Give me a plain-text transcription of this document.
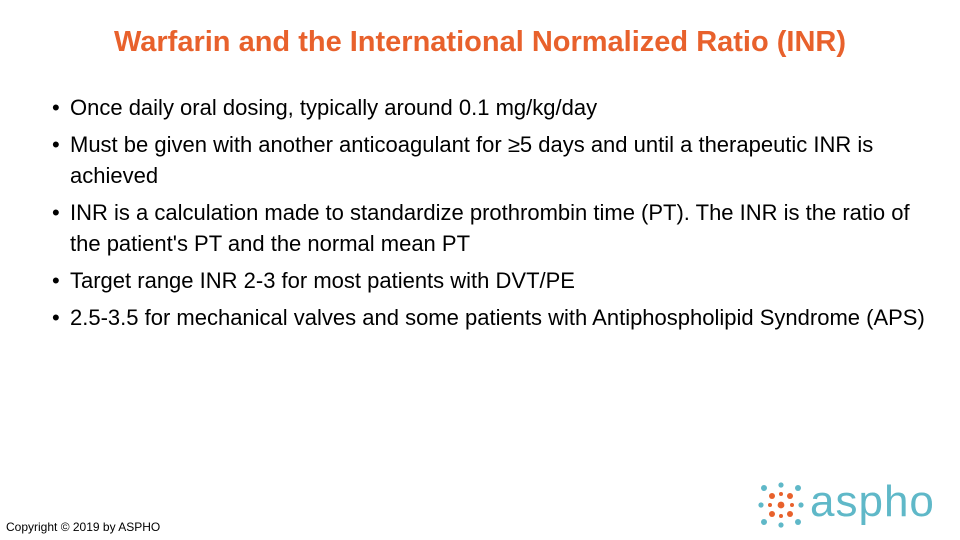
Warfarin and the International Normalized Ratio (INR)
• Once daily oral dosing, typically around 0.1 mg/kg/day
• Must be given with another anticoagulant for ≥5 days and until a therapeutic INR is achieved
• INR is a calculation made to standardize prothrombin time (PT). The INR is the ratio of the patient's PT and the normal mean PT
• Target range INR 2-3 for most patients with DVT/PE
• 2.5-3.5 for mechanical valves and some patients with Antiphospholipid Syndrome (APS)
Copyright © 2019 by ASPHO
aspho
